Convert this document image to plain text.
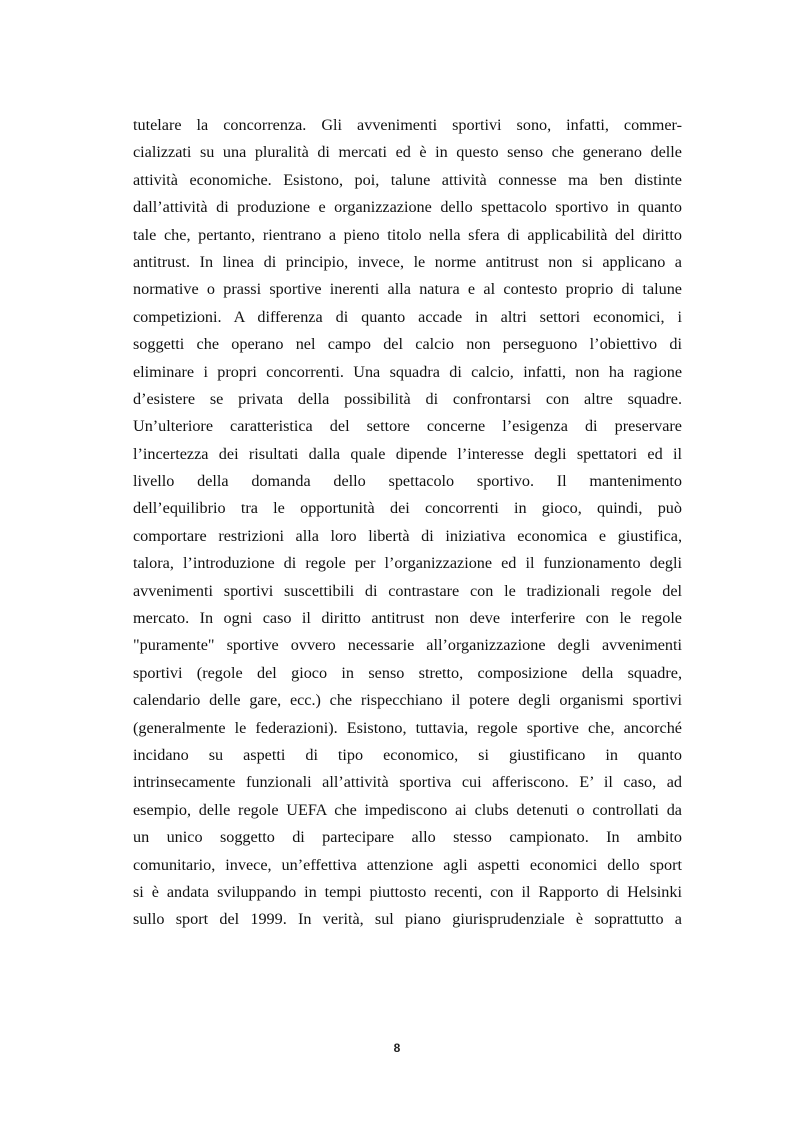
tutelare la concorrenza. Gli avvenimenti sportivi sono, infatti, commer-
cializzati su una pluralità di mercati ed è in questo senso che generano delle
attività economiche. Esistono, poi, talune attività connesse ma ben distinte
dall’attività di produzione e organizzazione dello spettacolo sportivo in quanto
tale che, pertanto, rientrano a pieno titolo nella sfera di applicabilità del diritto
antitrust. In linea di principio, invece, le norme antitrust non si applicano a
normative o prassi sportive inerenti alla natura e al contesto proprio di talune
competizioni. A differenza di quanto accade in altri settori economici, i
soggetti che operano nel campo del calcio non perseguono l’obiettivo di
eliminare i propri concorrenti. Una squadra di calcio, infatti, non ha ragione
d’esistere se privata della possibilità di confrontarsi con altre squadre.
Un’ulteriore caratteristica del settore concerne l’esigenza di preservare
l’incertezza dei risultati dalla quale dipende l’interesse degli spettatori ed il
livello della domanda dello spettacolo sportivo. Il mantenimento
dell’equilibrio tra le opportunità dei concorrenti in gioco, quindi, può
comportare restrizioni alla loro libertà di iniziativa economica e giustifica,
talora, l’introduzione di regole per l’organizzazione ed il funzionamento degli
avvenimenti sportivi suscettibili di contrastare con le tradizionali regole del
mercato. In ogni caso il diritto antitrust non deve interferire con le regole
"puramente" sportive ovvero necessarie all’organizzazione degli avvenimenti
sportivi (regole del gioco in senso stretto, composizione della squadre,
calendario delle gare, ecc.) che rispecchiano il potere degli organismi sportivi
(generalmente le federazioni). Esistono, tuttavia, regole sportive che, ancorché
incidano su aspetti di tipo economico, si giustificano in quanto
intrinsecamente funzionali all’attività sportiva cui afferiscono. E’ il caso, ad
esempio, delle regole UEFA che impediscono ai clubs detenuti o controllati da
un unico soggetto di partecipare allo stesso campionato. In ambito
comunitario, invece, un’effettiva attenzione agli aspetti economici dello sport
si è andata sviluppando in tempi piuttosto recenti, con il Rapporto di Helsinki
sullo sport del 1999. In verità, sul piano giurisprudenziale è soprattutto a
8
